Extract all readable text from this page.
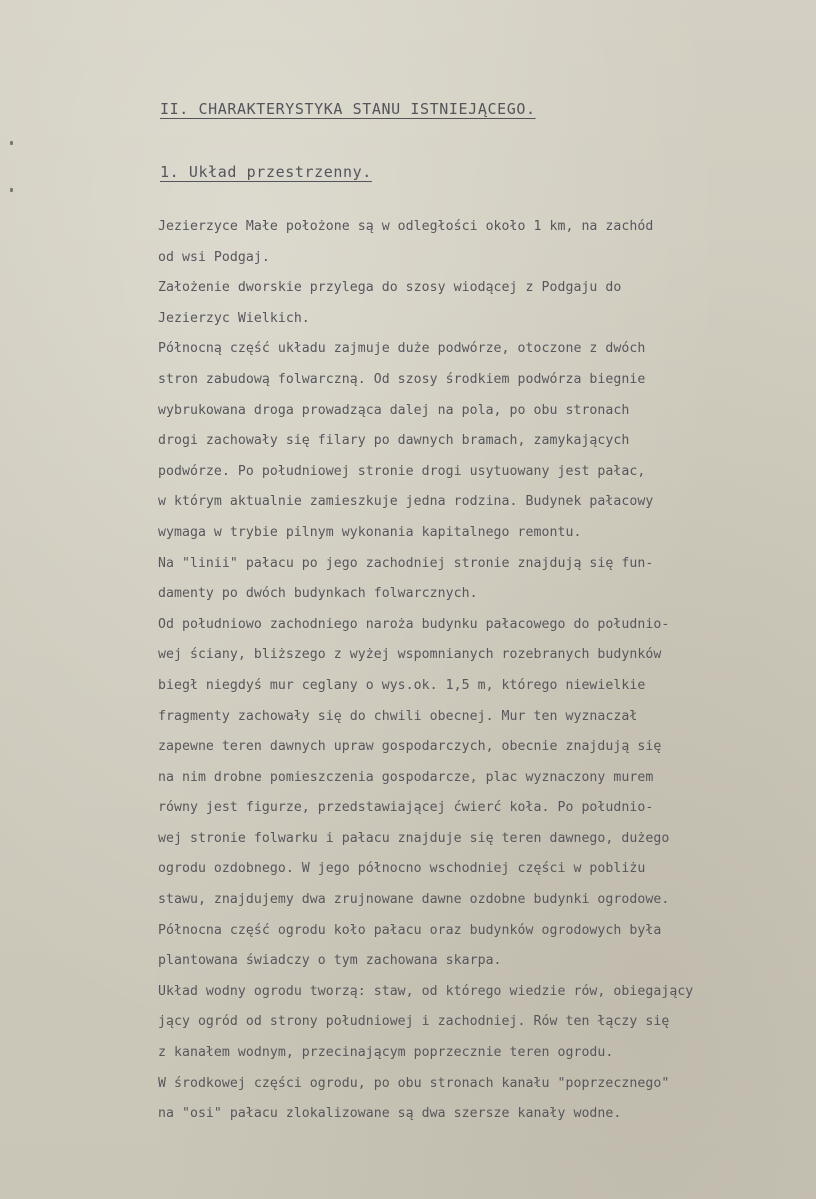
II. CHARAKTERYSTYKA STANU ISTNIEJĄCEGO.
1. Układ przestrzenny.
Jezierzyce Małe położone są w odległości około 1 km, na zachód
od wsi Podgaj.
Założenie dworskie przylega do szosy wiodącej z Podgaju do
Jezierzyc Wielkich.
Północną część układu zajmuje duże podwórze, otoczone z dwóch
stron zabudową folwarczną. Od szosy środkiem podwórza biegnie
wybrukowana droga prowadząca dalej na pola, po obu stronach
drogi zachowały się filary po dawnych bramach, zamykających
podwórze. Po południowej stronie drogi usytuowany jest pałac,
w którym aktualnie zamieszkuje jedna rodzina. Budynek pałacowy
wymaga w trybie pilnym wykonania kapitalnego remontu.
Na "linii" pałacu po jego zachodniej stronie znajdują się fun-
damenty po dwóch budynkach folwarcznych.
Od południowo zachodniego naroża budynku pałacowego do południo-
wej ściany, bliższego z wyżej wspomnianych rozebranych budynków
biegł niegdyś mur ceglany o wys.ok. 1,5 m, którego niewielkie
fragmenty zachowały się do chwili obecnej. Mur ten wyznaczał
zapewne teren dawnych upraw gospodarczych, obecnie znajdują się
na nim drobne pomieszczenia gospodarcze, plac wyznaczony murem
równy jest figurze, przedstawiającej ćwierć koła. Po południo-
wej stronie folwarku i pałacu znajduje się teren dawnego, dużego
ogrodu ozdobnego. W jego północno wschodniej części w pobliżu
stawu, znajdujemy dwa zrujnowane dawne ozdobne budynki ogrodowe.
Północna część ogrodu koło pałacu oraz budynków ogrodowych była
plantowana świadczy o tym zachowana skarpa.
Układ wodny ogrodu tworzą: staw, od którego wiedzie rów, obiegający
jący ogród od strony południowej i zachodniej. Rów ten łączy się
z kanałem wodnym, przecinającym poprzecznie teren ogrodu.
W środkowej części ogrodu, po obu stronach kanału "poprzecznego"
na "osi" pałacu zlokalizowane są dwa szersze kanały wodne.
